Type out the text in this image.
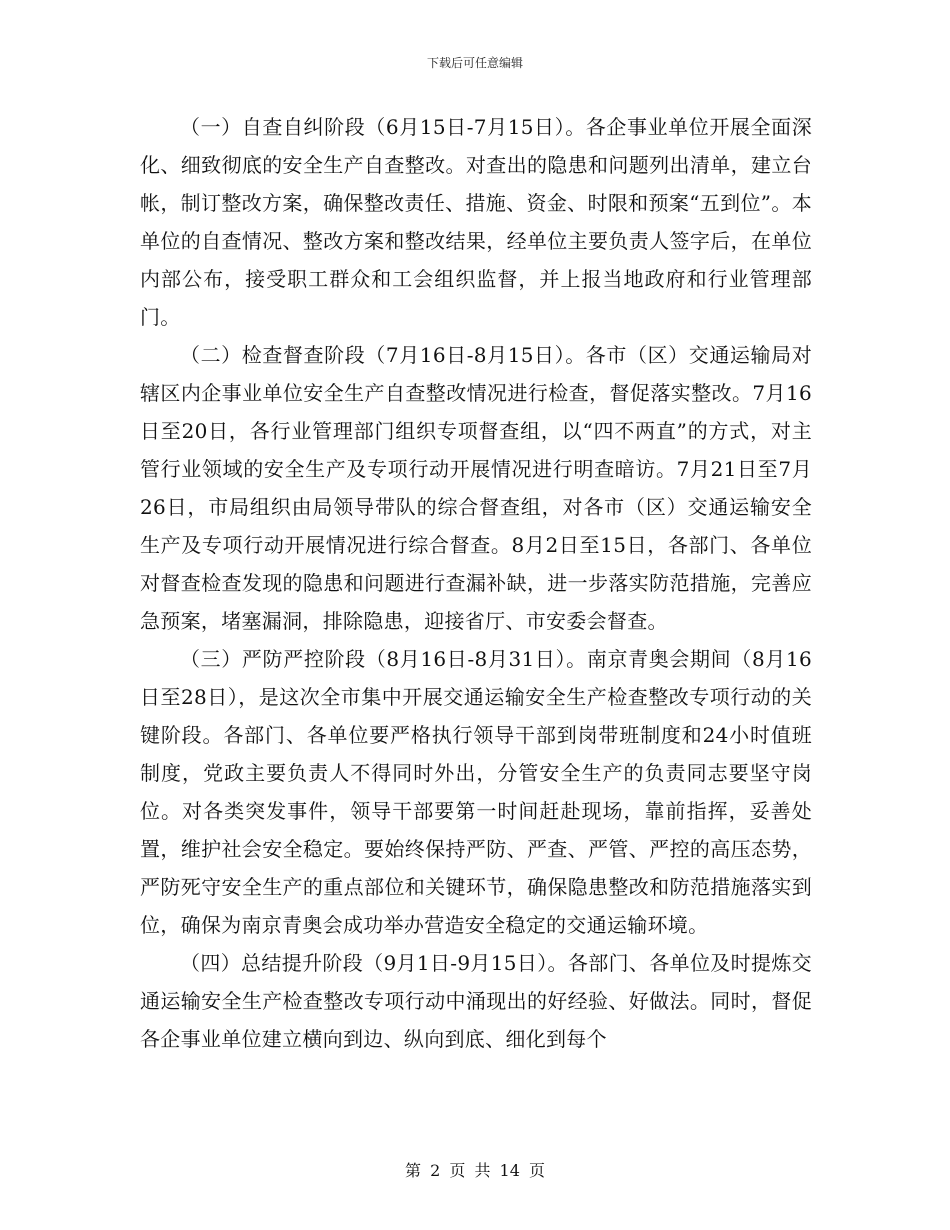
下载后可任意编辑

（一）自查自纠阶段（6月15日-7月15日）。各企事业单位开展全面深化、细致彻底的安全生产自查整改。对查出的隐患和问题列出清单，建立台帐，制订整改方案，确保整改责任、措施、资金、时限和预案“五到位”。本单位的自查情况、整改方案和整改结果，经单位主要负责人签字后，在单位内部公布，接受职工群众和工会组织监督，并上报当地政府和行业管理部门。

（二）检查督查阶段（7月16日-8月15日）。各市（区）交通运输局对辖区内企事业单位安全生产自查整改情况进行检查，督促落实整改。7月16日至20日，各行业管理部门组织专项督查组，以“四不两直”的方式，对主管行业领域的安全生产及专项行动开展情况进行明查暗访。7月21日至7月26日，市局组织由局领导带队的综合督查组，对各市（区）交通运输安全生产及专项行动开展情况进行综合督查。8月2日至15日，各部门、各单位对督查检查发现的隐患和问题进行查漏补缺，进一步落实防范措施，完善应急预案，堵塞漏洞，排除隐患，迎接省厅、市安委会督查。

（三）严防严控阶段（8月16日-8月31日）。南京青奥会期间（8月16日至28日），是这次全市集中开展交通运输安全生产检查整改专项行动的关键阶段。各部门、各单位要严格执行领导干部到岗带班制度和24小时值班制度，党政主要负责人不得同时外出，分管安全生产的负责同志要坚守岗位。对各类突发事件，领导干部要第一时间赶赴现场，靠前指挥，妥善处置，维护社会安全稳定。要始终保持严防、严查、严管、严控的高压态势，严防死守安全生产的重点部位和关键环节，确保隐患整改和防范措施落实到位，确保为南京青奥会成功举办营造安全稳定的交通运输环境。

（四）总结提升阶段（9月1日-9月15日）。各部门、各单位及时提炼交通运输安全生产检查整改专项行动中涌现出的好经验、好做法。同时，督促各企事业单位建立横向到边、纵向到底、细化到每个

第 2 页 共 14 页
